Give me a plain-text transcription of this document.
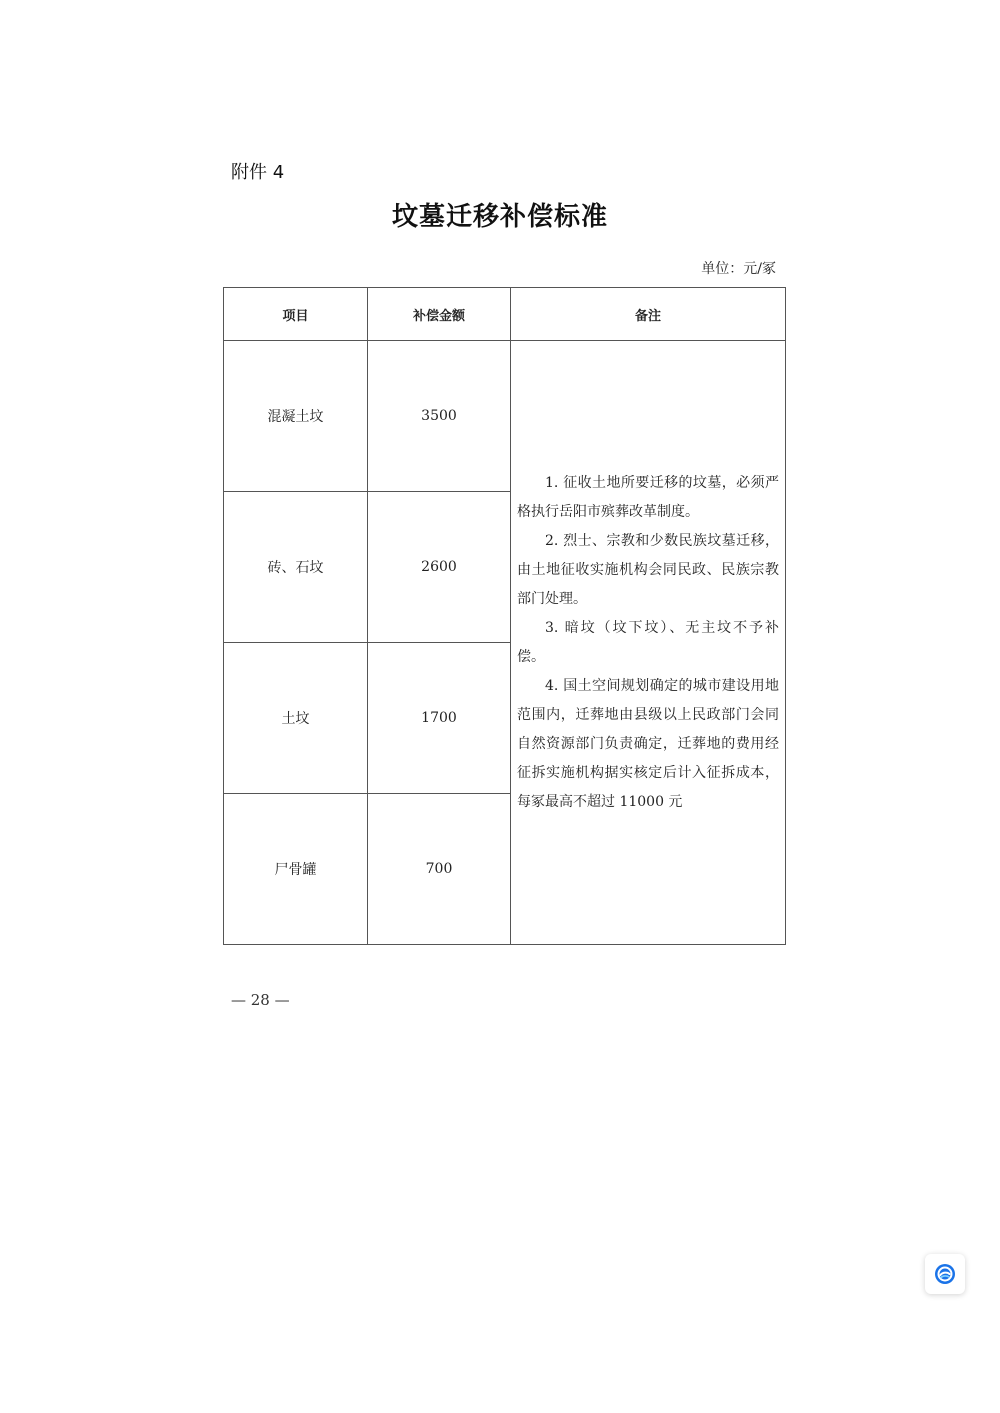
附件 4
坟墓迁移补偿标准
单位：元/冢
项目	补偿金额	备注
混凝土坟	3500	1. 征收土地所要迁移的坟墓，必须严格执行岳阳市殡葬改革制度。

2. 烈士、宗教和少数民族坟墓迁移，由土地征收实施机构会同民政、民族宗教部门处理。

3. 暗坟（坟下坟）、无主坟不予补偿。

4. 国土空间规划确定的城市建设用地范围内，迁葬地由县级以上民政部门会同自然资源部门负责确定，迁葬地的费用经征拆实施机构据实核定后计入征拆成本，每冢最高不超过 11000 元

砖、石坟	2600	
土坟	1700	
尸骨罐	700	
— 28 —
